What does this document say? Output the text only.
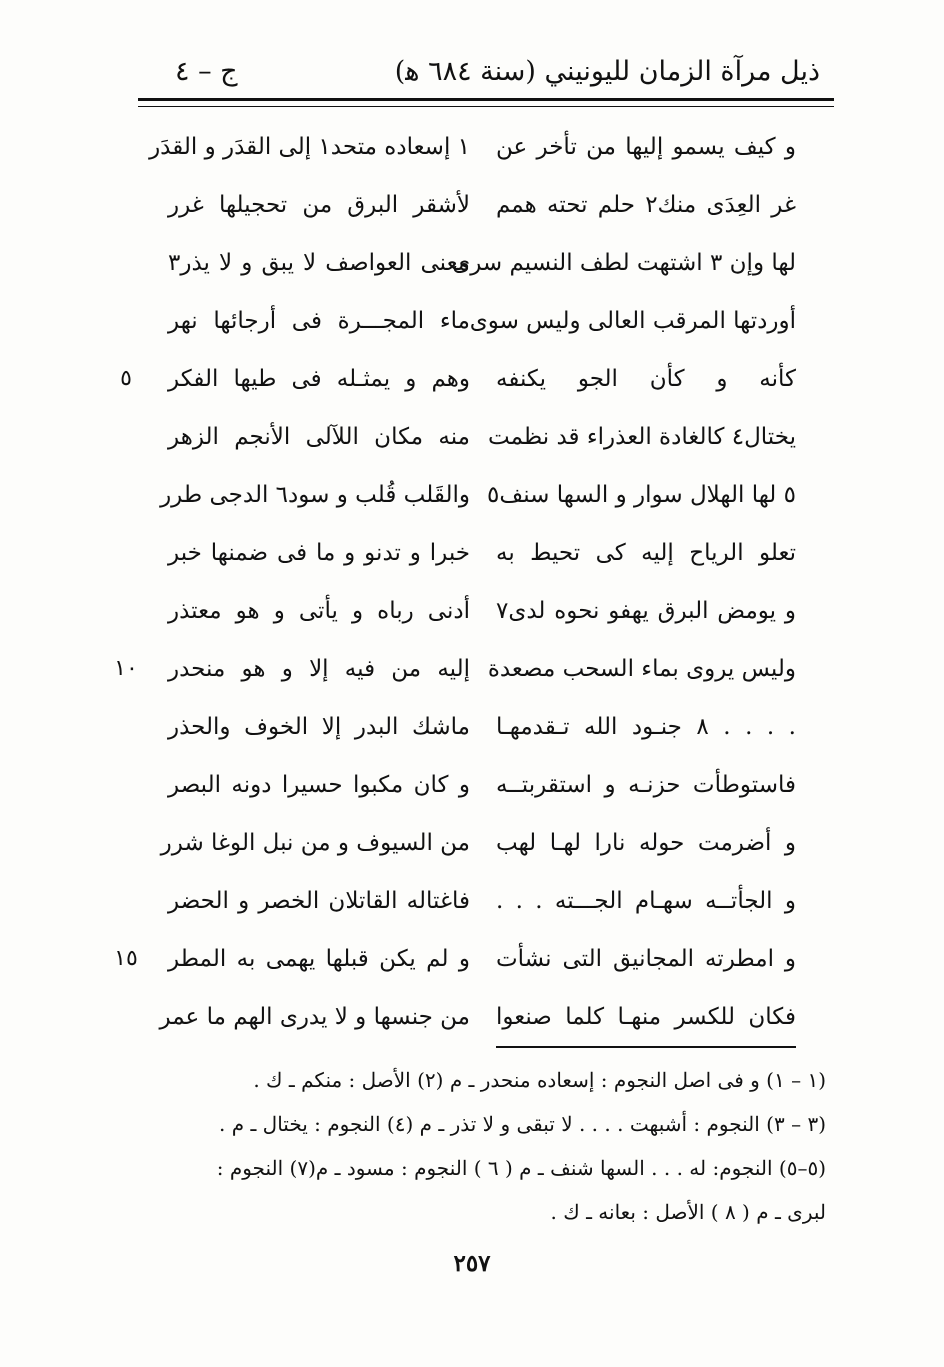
ذيل مرآة الزمان لليونيني (سنة ٦٨٤ ﻫ)
ج – ٤
و كيف يسمو إليها من تأخر عن
١ إسعاده متحد١ إلى القدَر و القدَر
غر العِدَى منك٢ حلم تحته همم
لأشقر البرق من تحجيلها غرر
لها وإن ٣ اشتهت لطف النسيم سرى
معنى العواصف لا يبق و لا يذر٣
أوردتها المرقب العالى وليس سوى
ماء المجـــرة فى أرجائها نهر
كأنه و كأن الجو يكنفه
وهم و يمثـله فى طيها الفكر
٥
يختال٤ كالغادة العذراء قد نظمت
منه مكان اللآلى الأنجم الزهر
٥ لها الهلال سوار و السها سنف٥
والقَلب قُلب و سود٦ الدجى طرر
تعلو الرياح إليه كى تحيط به
خبرا و تدنو و ما فى ضمنها خبر
و يومض البرق يهفو نحوه لدى٧
أدنى رباه و يأتى و هو معتذر
وليس يروى بماء السحب مصعدة
إليه من فيه إلا و هو منحدر
١٠
. . . . ٨ جنـود الله تـقدمهـا
ماشك البدر إلا الخوف والحذر
فاستوطأت حزنـه و استقربتــه
و كان مكبوا حسيرا دونه البصر
و أضرمت حوله نارا لهـا لهب
من السيوف و من نبل الوغا شرر
و الجأتــه سهـام الجـــته . . .
فاغتاله القاتلان الخصر و الحضر
و امطرته المجانيق التى نشأت
و لم يكن قبلها يهمى به المطر
١٥
فكان للكسر منهـا كلما صنعوا
من جنسها و لا يدرى الهم ما عمر
(١ – ١) و فى اصل النجوم : إسعاده منحدر ـ م (٢) الأصل : منكم ـ ك .
(٣ – ٣) النجوم : أشبهت . . . . لا تبقى و لا تذر ـ م (٤) النجوم : يختال ـ م .
(٥–٥) النجوم: له . . . السها شنف ـ م ( ٦ ) النجوم : مسود ـ م(٧) النجوم :
لبرى ـ م ( ٨ ) الأصل : بعانه ـ ك .
٢٥٧
